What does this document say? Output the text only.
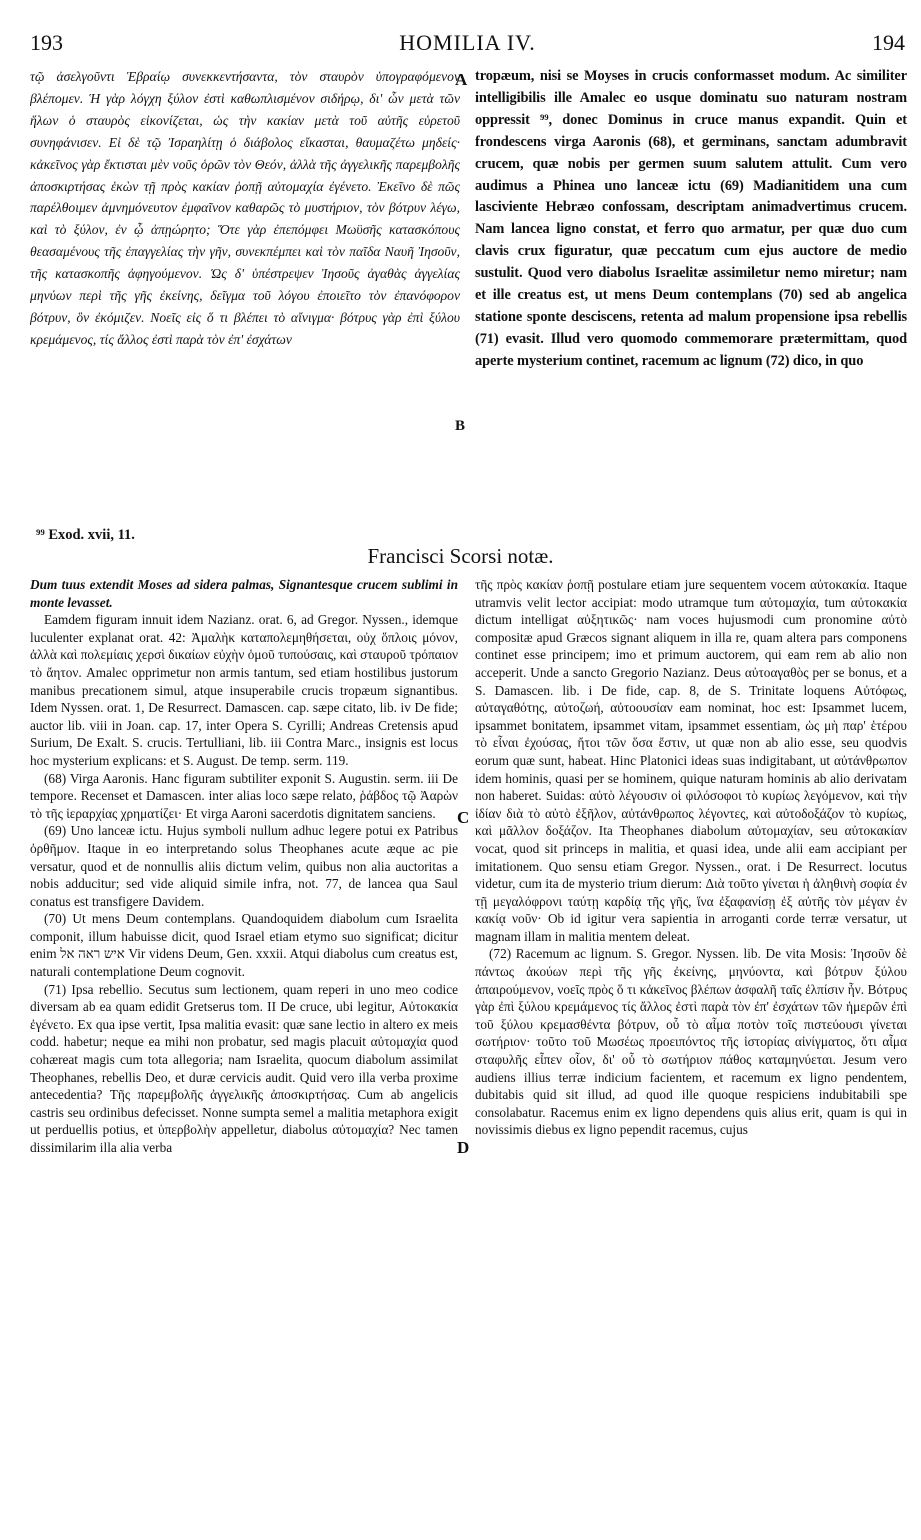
193	HOMILIA IV.	194
A
B
C
D

τῷ ἀσελγοῦντι Ἑβραίῳ συνεκκεντήσαντα, τὸν σταυρὸν ὑπογραφόμενον βλέπομεν. Ἡ γὰρ λόγχη ξύλον ἐστὶ καθωπλισμένον σιδήρῳ, δι' ὧν μετὰ τῶν ἥλων ὁ σταυρὸς εἰκονίζεται, ὡς τὴν κακίαν μετὰ τοῦ αὐτῆς εὑρετοῦ συνηφάνισεν. Εἰ δὲ τῷ Ἰσραηλίτῃ ὁ διάβολος εἴκασται, θαυμαζέτω μηδείς· κἀκεῖνος γὰρ ἔκτισται μὲν νοῦς ὁρῶν τὸν Θεόν, ἀλλὰ τῆς ἀγγελικῆς παρεμβολῆς ἀποσκιρτήσας ἑκὼν τῇ πρὸς κακίαν ῥοπῇ αὐτομαχία ἐγένετο. Ἐκεῖνο δὲ πῶς παρέλθοιμεν ἀμνημόνευτον ἐμφαῖνον καθαρῶς τὸ μυστήριον, τὸν βότρυν λέγω, καὶ τὸ ξύλον, ἐν ᾧ ἀπῃώρητο; Ὅτε γὰρ ἐπεπόμφει Μωϋσῆς κατασκόπους θεασαμένους τῆς ἐπαγγελίας τὴν γῆν, συνεκπέμπει καὶ τὸν παῖδα Ναυῆ Ἰησοῦν, τῆς κατασκοπῆς ἀφηγούμενον. Ὡς δ' ὑπέστρεψεν Ἰησοῦς ἀγαθὰς ἀγγελίας μηνύων περὶ τῆς γῆς ἐκείνης, δεῖγμα τοῦ λόγου ἐποιεῖτο τὸν ἐπανόφορον βότρυν, ὃν ἐκόμιζεν. Νοεῖς εἰς ὅ τι βλέπει τὸ αἴνιγμα· βότρυς γὰρ ἐπὶ ξύλου κρεμάμενος, τίς ἄλλος ἐστὶ παρὰ τὸν ἐπ' ἐσχάτων

tropæum, nisi se Moyses in crucis conformasset modum. Ac similiter intelligibilis ille Amalec eo usque dominatu suo naturam nostram oppressit ⁹⁹, donec Dominus in cruce manus expandit. Quin et frondescens virga Aaronis (68), et germinans, sanctam adumbravit crucem, quæ nobis per germen suum salutem attulit. Cum vero audimus a Phinea uno lanceæ ictu (69) Madianitidem una cum lasciviente Hebræo confossam, descriptam animadvertimus crucem. Nam lancea ligno constat, et ferro quo armatur, per quæ duo cum clavis crux figuratur, quæ peccatum cum ejus auctore de medio sustulit. Quod vero diabolus Israelitæ assimiletur nemo miretur; nam et ille creatus est, ut mens Deum contemplans (70) sed ab angelica statione sponte desciscens, retenta ad malum propensione ipsa rebellis (71) evasit. Illud vero quomodo commemorare prætermittam, quod aperte mysterium continet, racemum ac lignum (72) dico, in quo

⁹⁹ Exod. xvii, 11.
Francisci Scorsi notæ.

Dum tuus extendit Moses ad sidera palmas, Signantesque crucem sublimi in monte levasset.

Eamdem figuram innuit idem Nazianz. orat. 6, ad Gregor. Nyssen., idemque luculenter explanat orat. 42: Ἀμαλὴκ καταπολεμηθήσεται, οὐχ ὅπλοις μόνον, ἀλλὰ καὶ πολεμίαις χερσὶ δικαίων εὐχὴν ὁμοῦ τυπούσαις, καὶ σταυροῦ τρόπαιον τὸ ἄητον. Amalec opprimetur non armis tantum, sed etiam hostilibus justorum manibus precationem simul, atque insuperabile crucis tropæum signantibus. Idem Nyssen. orat. 1, De Resurrect. Damascen. cap. sæpe citato, lib. iv De fide; auctor lib. viii in Joan. cap. 17, inter Opera S. Cyrilli; Andreas Cretensis apud Surium, De Exalt. S. crucis. Tertulliani, lib. iii Contra Marc., insignis est locus hoc mysterium explicans: et S. August. De temp. serm. 119.

(68) Virga Aaronis. Hanc figuram subtiliter exponit S. Augustin. serm. iii De tempore. Recenset et Damascen. inter alias loco sæpe relato, ῥάβδος τῷ Ἀαρὼν τὸ τῆς ἱεραρχίας χρηματίζει· Et virga Aaroni sacerdotis dignitatem sanciens.

(69) Uno lanceæ ictu. Hujus symboli nullum adhuc legere potui ex Patribus ὀρθῆμον. Itaque in eo interpretando solus Theophanes acute æque ac pie versatur, quod et de nonnullis aliis dictum velim, quibus non alia auctoritas a nobis adducitur; sed vide aliquid simile infra, not. 77, de lancea qua Saul conatus est transfigere Davidem.

(70) Ut mens Deum contemplans. Quandoquidem diabolum cum Israelita componit, illum habuisse dicit, quod Israel etiam etymo suo significat; dicitur enim איש ראה אל Vir videns Deum, Gen. xxxii. Atqui diabolus cum creatus est, naturali contemplatione Deum cognovit.

(71) Ipsa rebellio. Secutus sum lectionem, quam reperi in uno meo codice diversam ab ea quam edidit Gretserus tom. II De cruce, ubi legitur, Αὐτοκακία ἐγένετο. Ex qua ipse vertit, Ipsa malitia evasit: quæ sane lectio in altero ex meis codd. habetur; neque ea mihi non probatur, sed magis placuit αὐτομαχία quod cohæreat magis cum tota allegoria; nam Israelita, quocum diabolum assimilat Theophanes, rebellis Deo, et duræ cervicis audit. Quid vero illa verba proxime antecedentia? Τῆς παρεμβολῆς ἀγγελικῆς ἀποσκιρτήσας. Cum ab angelicis castris seu ordinibus defecisset. Nonne sumpta semel a malitia metaphora exigit ut perduellis potius, et ὑπερβολὴν appelletur, diabolus αὐτομαχία? Nec tamen dissimilarim illa alia verba

τῆς πρὸς κακίαν ῥοπῇ postulare etiam jure sequentem vocem αὐτοκακία. Itaque utramvis velit lector accipiat: modo utramque tum αὐτομαχία, tum αὐτοκακία dictum intelligat αὐξητικῶς· nam voces hujusmodi cum pronomine αὐτὸ compositæ apud Græcos signant aliquem in illa re, quam altera pars componens continet esse principem; imo et primum auctorem, qui eam rem ab alio non acceperit. Unde a sancto Gregorio Nazianz. Deus αὐτοαγαθὸς per se bonus, et a S. Damascen. lib. i De fide, cap. 8, de S. Trinitate loquens Αὐτόφως, αὐταγαθότης, αὐτοζωή, αὐτοουσίαν eam nominat, hoc est: Ipsammet lucem, ipsammet bonitatem, ipsammet vitam, ipsammet essentiam, ὡς μὴ παρ' ἑτέρου τὸ εἶναι ἐχούσας, ἤτοι τῶν ὅσα ἔστιν, ut quæ non ab alio esse, seu quodvis eorum quæ sunt, habeat. Hinc Platonici ideas suas indigitabant, ut αὐτάνθρωπον idem hominis, quasi per se hominem, quique naturam hominis ab alio derivatam non haberet. Suidas: αὐτὸ λέγουσιν οἱ φιλόσοφοι τὸ κυρίως λεγόμενον, καὶ τὴν ἰδίαν διὰ τὸ αὐτὸ ἐξῆλον, αὐτάνθρωπος λέγοντες, καὶ αὐτοδοξάζον τὸ κυρίως, καὶ μᾶλλον δοξάζον. Ita Theophanes diabolum αὐτομαχίαν, seu αὐτοκακίαν vocat, quod sit princeps in malitia, et quasi idea, unde alii eam accipiant per imitationem. Quo sensu etiam Gregor. Nyssen., orat. i De Resurrect. locutus videtur, cum ita de mysterio trium dierum: Διὰ τοῦτο γίνεται ἡ ἀληθινὴ σοφία ἐν τῇ μεγαλόφρονι ταύτῃ καρδίᾳ τῆς γῆς, ἵνα ἐξαφανίσῃ ἐξ αὐτῆς τὸν μέγαν ἐν κακίᾳ νοῦν· Ob id igitur vera sapientia in arroganti corde terræ versatur, ut magnam illam in malitia mentem deleat.

(72) Racemum ac lignum. S. Gregor. Nyssen. lib. De vita Mosis: Ἰησοῦν δὲ πάντως ἀκούων περὶ τῆς γῆς ἐκείνης, μηνύοντα, καὶ βότρυν ξύλου ἀπαιρούμενον, νοεῖς πρὸς ὅ τι κἀκεῖνος βλέπων ἀσφαλῆ ταῖς ἐλπίσιν ἦν. Βότρυς γὰρ ἐπὶ ξύλου κρεμάμενος τίς ἄλλος ἐστὶ παρὰ τὸν ἐπ' ἐσχάτων τῶν ἡμερῶν ἐπὶ τοῦ ξύλου κρεμασθέντα βότρυν, οὗ τὸ αἷμα ποτὸν τοῖς πιστεύουσι γίνεται σωτήριον· τοῦτο τοῦ Μωσέως προειπόντος τῆς ἱστορίας αἰνίγματος, ὅτι αἷμα σταφυλῆς εἶπεν οἶον, δι' οὗ τὸ σωτήριον πάθος καταμηνύεται. Jesum vero audiens illius terræ indicium facientem, et racemum ex ligno pendentem, dubitabis quid sit illud, ad quod ille quoque respiciens indubitabili spe consolabatur. Racemus enim ex ligno dependens quis alius erit, quam is qui in novissimis diebus ex ligno pependit racemus, cujus
